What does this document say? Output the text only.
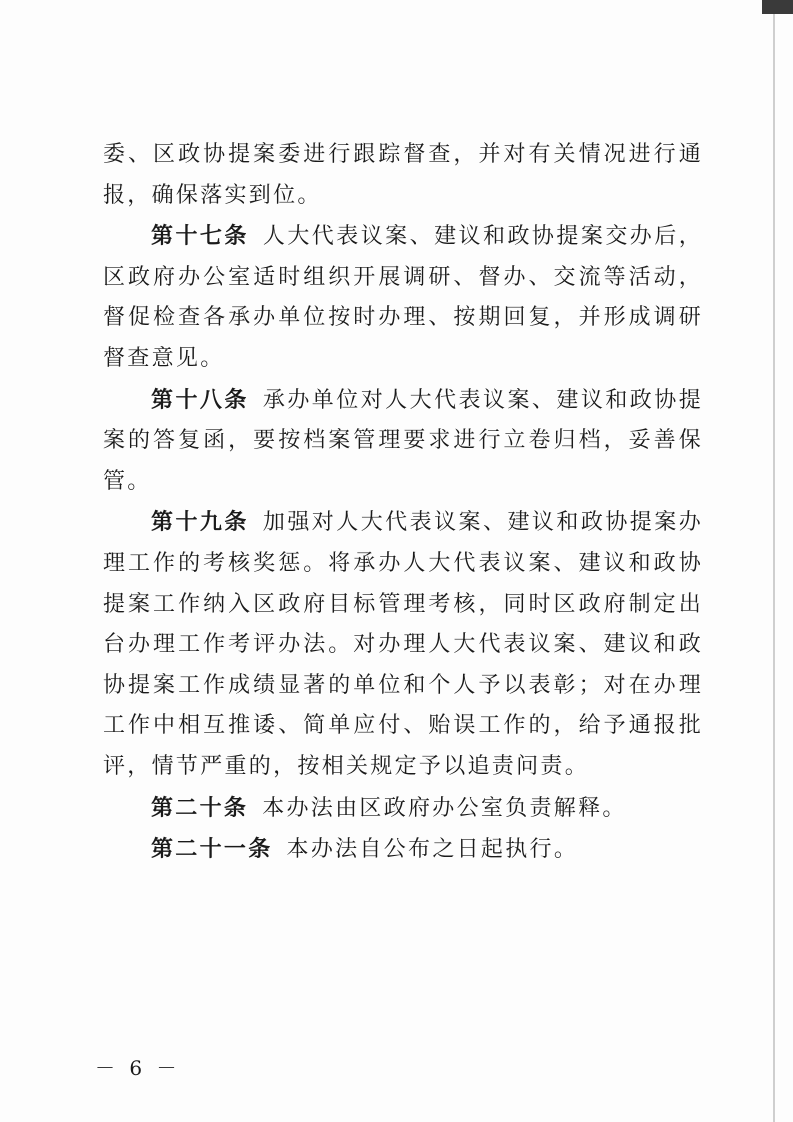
委、区政协提案委进行跟踪督查，并对有关情况进行通报，确保落实到位。

第十七条 人大代表议案、建议和政协提案交办后，区政府办公室适时组织开展调研、督办、交流等活动，督促检查各承办单位按时办理、按期回复，并形成调研督查意见。

第十八条 承办单位对人大代表议案、建议和政协提案的答复函，要按档案管理要求进行立卷归档，妥善保管。

第十九条 加强对人大代表议案、建议和政协提案办理工作的考核奖惩。将承办人大代表议案、建议和政协提案工作纳入区政府目标管理考核，同时区政府制定出台办理工作考评办法。对办理人大代表议案、建议和政协提案工作成绩显著的单位和个人予以表彰；对在办理工作中相互推诿、简单应付、贻误工作的，给予通报批评，情节严重的，按相关规定予以追责问责。

第二十条 本办法由区政府办公室负责解释。

第二十一条 本办法自公布之日起执行。

－ 6 －
